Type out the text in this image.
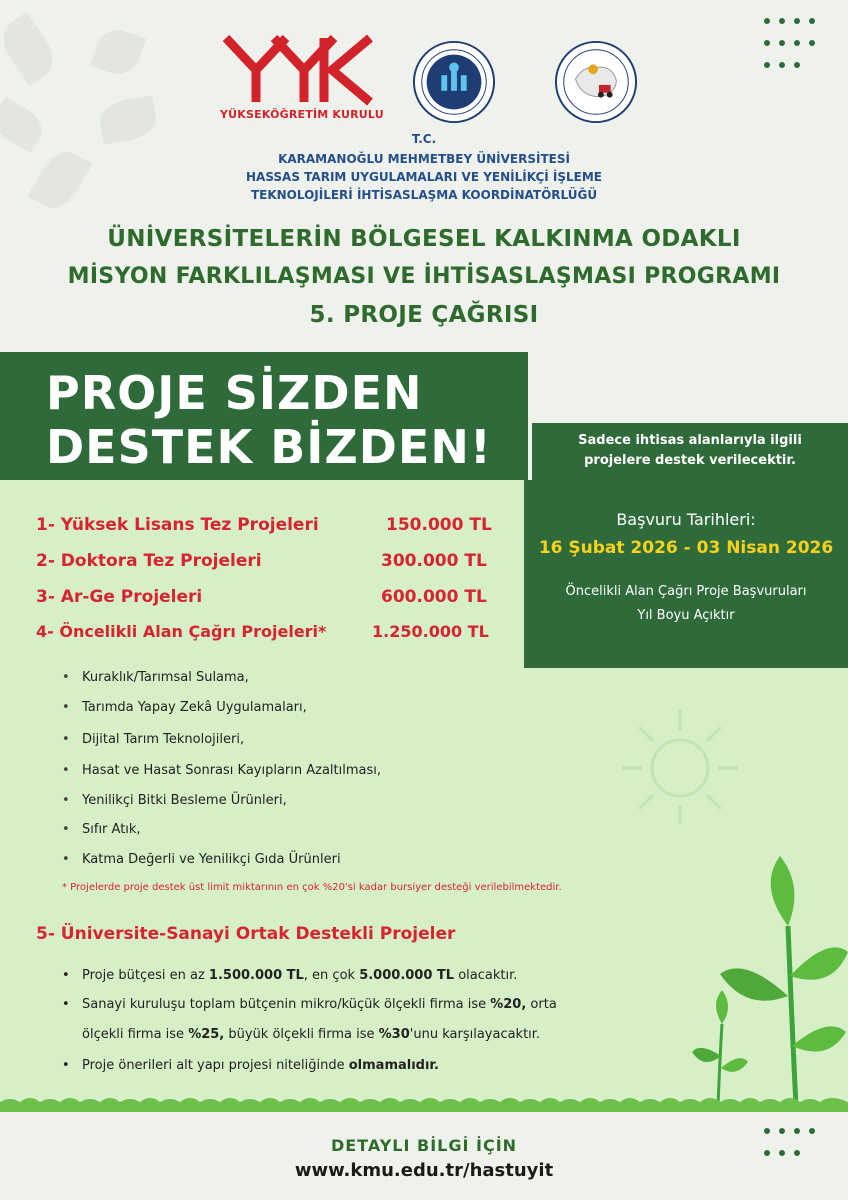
YÜKSEKÖĞRETİM KURULU
T.C.
KARAMANOĞLU MEHMETBEY ÜNİVERSİTESİ
HASSAS TARIM UYGULAMALARI VE YENİLİKÇİ İŞLEME
TEKNOLOJİLERİ İHTİSASLAŞMA KOORDİNATÖRLÜĞÜ
ÜNİVERSİTELERİN BÖLGESEL KALKINMA ODAKLI
MİSYON FARKLILAŞMASI VE İHTİSASLAŞMASI PROGRAMI
5. PROJE ÇAĞRISI
PROJE SİZDEN
DESTEK BİZDEN!	Sadece ihtisas alanlarıyla ilgili
projelere destek verilecektir.
Başvuru Tarihleri:
16 Şubat 2026 - 03 Nisan 2026
Öncelikli Alan Çağrı Proje Başvuruları
Yıl Boyu Açıktır
1- Yüksek Lisans Tez Projeleri	150.000 TL
2- Doktora Tez Projeleri	300.000 TL
3- Ar-Ge Projeleri	600.000 TL
4- Öncelikli Alan Çağrı Projeleri*	1.250.000 TL
• Kuraklık/Tarımsal Sulama,
• Tarımda Yapay Zekâ Uygulamaları,
• Dijital Tarım Teknolojileri,
• Hasat ve Hasat Sonrası Kayıpların Azaltılması,
• Yenilikçi Bitki Besleme Ürünleri,
• Sıfır Atık,
• Katma Değerli ve Yenilikçi Gıda Ürünleri
* Projelerde proje destek üst limit miktarının en çok %20'si kadar bursiyer desteği verilebilmektedir.
5- Üniversite-Sanayi Ortak Destekli Projeler
• Proje bütçesi en az 1.500.000 TL, en çok 5.000.000 TL olacaktır.
• Sanayi kuruluşu toplam bütçenin mikro/küçük ölçekli firma ise %20, orta
ölçekli firma ise %25, büyük ölçekli firma ise %30'unu karşılayacaktır.
• Proje önerileri alt yapı projesi niteliğinde olmamalıdır.
DETAYLI BİLGİ İÇİN
www.kmu.edu.tr/hastuyit
